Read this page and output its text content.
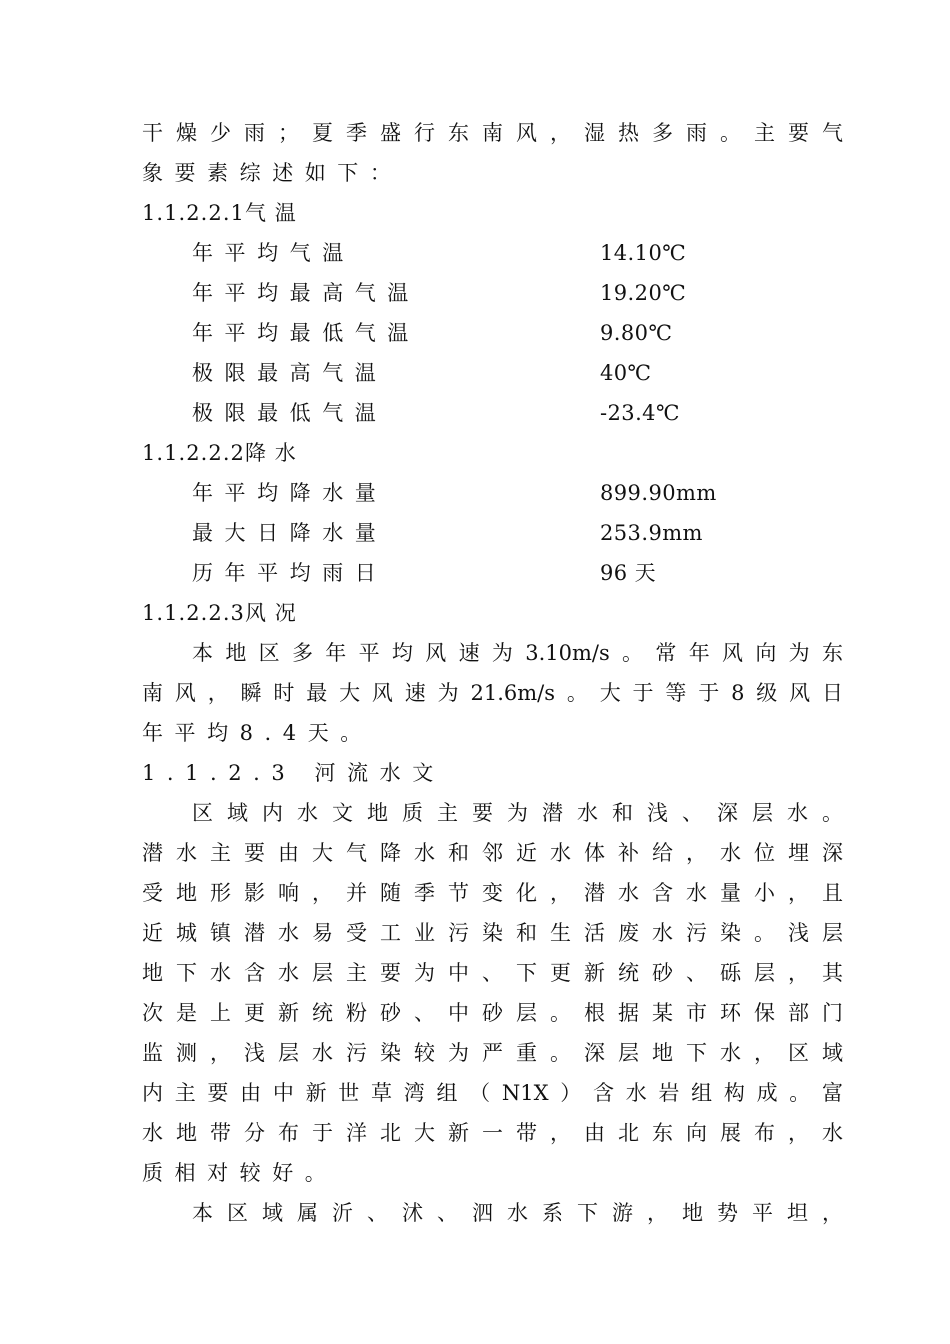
干燥少雨；夏季盛行东南风，湿热多雨。主要气
象要素综述如下：
1.1.2.2.1气 温
年平均气温	14.10℃
年平均最高气温	19.20℃
年平均最低气温	9.80℃
极限最高气温	40℃
极限最低气温	-23.4℃
1.1.2.2.2降 水
年平均降水量	899.90mm
最大日降水量	253.9mm
历年平均雨日	96 天
1.1.2.2.3风 况
本地区多年平均风速为3.10m/s。常年风向为东
南风，瞬时最大风速为21.6m/s。大于等于8级风日
年平均8.4天。
1.1.2.3 河流水文
区域内水文地质主要为潜水和浅、深层水。
潜水主要由大气降水和邻近水体补给，水位埋深
受地形影响，并随季节变化，潜水含水量小，且
近城镇潜水易受工业污染和生活废水污染。浅层
地下水含水层主要为中、下更新统砂、砾层，其
次是上更新统粉砂、中砂层。根据某市环保部门
监测，浅层水污染较为严重。深层地下水，区域
内主要由中新世草湾组（N1X）含水岩组构成。富
水地带分布于洋北大新一带，由北东向展布，水
质相对较好。
本区域属沂、沭、泗水系下游，地势平坦，
